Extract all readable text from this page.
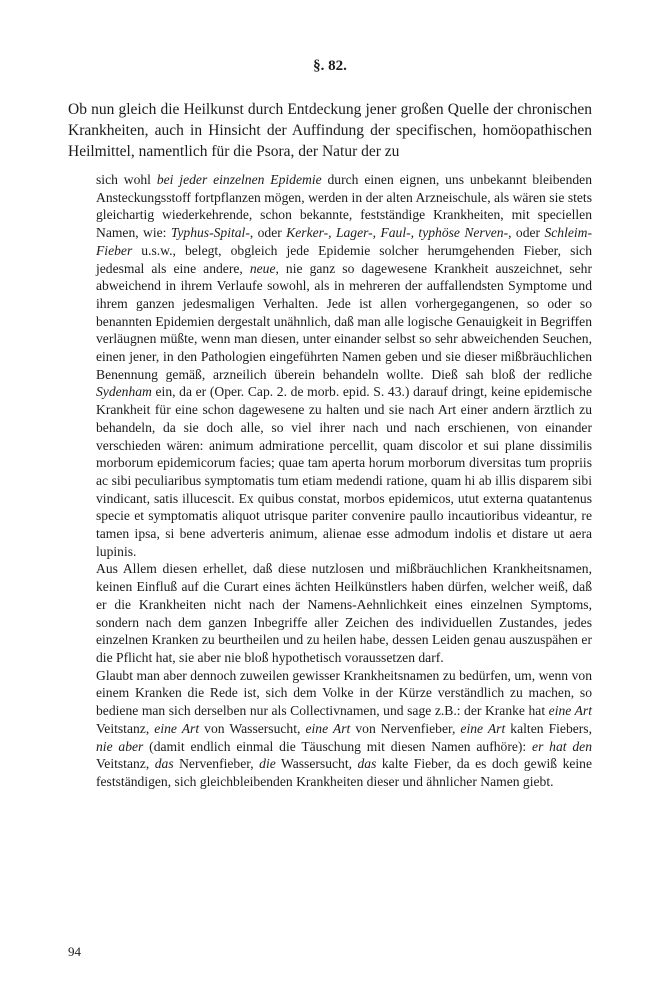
§. 82.

Ob nun gleich die Heilkunst durch Entdeckung jener großen Quelle der chronischen Krankheiten, auch in Hinsicht der Auffindung der specifischen, homöopathischen Heilmittel, namentlich für die Psora, der Natur der zu

sich wohl bei jeder einzelnen Epidemie durch einen eignen, uns unbekannt bleibenden Ansteckungsstoff fortpflanzen mögen, werden in der alten Arzneischule, als wären sie stets gleichartig wiederkehrende, schon bekannte, festständige Krankheiten, mit speciellen Namen, wie: Typhus-Spital-, oder Kerker-, Lager-, Faul-, typhöse Nerven-, oder Schleim-Fieber u.s.w., belegt, obgleich jede Epidemie solcher herumgehenden Fieber, sich jedesmal als eine andere, neue, nie ganz so dagewesene Krankheit auszeichnet, sehr abweichend in ihrem Verlaufe sowohl, als in mehreren der auffallendsten Symptome und ihrem ganzen jedesmaligen Verhalten. Jede ist allen vorhergegangenen, so oder so benannten Epidemien dergestalt unähnlich, daß man alle logische Genauigkeit in Begriffen verläugnen müßte, wenn man diesen, unter einander selbst so sehr abweichenden Seuchen, einen jener, in den Pathologien eingeführten Namen geben und sie dieser mißbräuchlichen Benennung gemäß, arzneilich überein behandeln wollte. Dieß sah bloß der redliche Sydenham ein, da er (Oper. Cap. 2. de morb. epid. S. 43.) darauf dringt, keine epidemische Krankheit für eine schon dagewesene zu halten und sie nach Art einer andern ärztlich zu behandeln, da sie doch alle, so viel ihrer nach und nach erschienen, von einander verschieden wären: animum admiratione percellit, quam discolor et sui plane dissimilis morborum epidemicorum facies; quae tam aperta horum morborum diversitas tum propriis ac sibi peculiaribus symptomatis tum etiam medendi ratione, quam hi ab illis disparem sibi vindicant, satis illucescit. Ex quibus constat, morbos epidemicos, utut externa quatantenus specie et symptomatis aliquot utrisque pariter convenire paullo incautioribus videantur, re tamen ipsa, si bene adverteris animum, alienae esse admodum indolis et distare ut aera lupinis.

Aus Allem diesen erhellet, daß diese nutzlosen und mißbräuchlichen Krankheitsnamen, keinen Einfluß auf die Curart eines ächten Heilkünstlers haben dürfen, welcher weiß, daß er die Krankheiten nicht nach der Namens-Aehnlichkeit eines einzelnen Symptoms, sondern nach dem ganzen Inbegriffe aller Zeichen des individuellen Zustandes, jedes einzelnen Kranken zu beurtheilen und zu heilen habe, dessen Leiden genau auszuspähen er die Pflicht hat, sie aber nie bloß hypothetisch voraussetzen darf.

Glaubt man aber dennoch zuweilen gewisser Krankheitsnamen zu bedürfen, um, wenn von einem Kranken die Rede ist, sich dem Volke in der Kürze verständlich zu machen, so bediene man sich derselben nur als Collectivnamen, und sage z.B.: der Kranke hat eine Art Veitstanz, eine Art von Wassersucht, eine Art von Nervenfieber, eine Art kalten Fiebers, nie aber (damit endlich einmal die Täuschung mit diesen Namen aufhöre): er hat den Veitstanz, das Nervenfieber, die Wassersucht, das kalte Fieber, da es doch gewiß keine festständigen, sich gleichbleibenden Krankheiten dieser und ähnlicher Namen giebt.

94
